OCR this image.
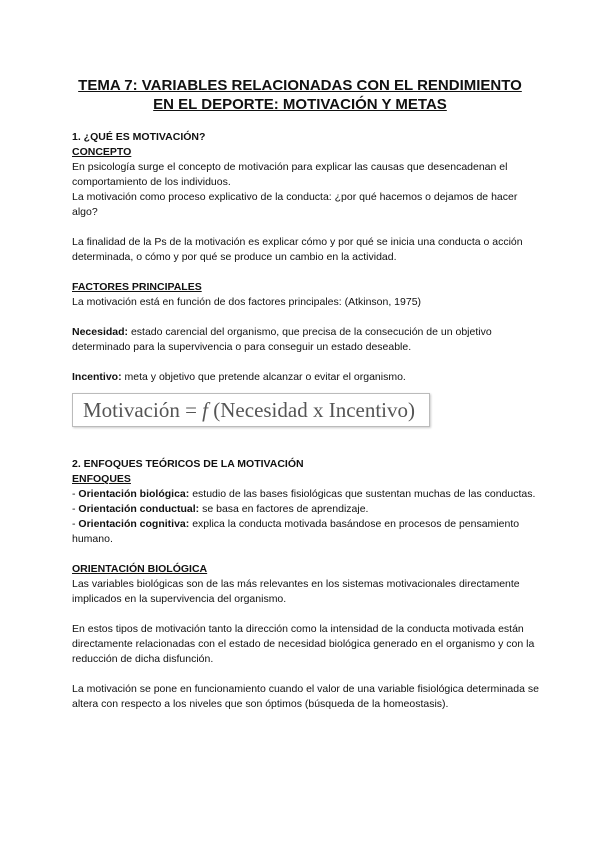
TEMA 7: VARIABLES RELACIONADAS CON EL RENDIMIENTO
EN EL DEPORTE: MOTIVACIÓN Y METAS

1. ¿QUÉ ES MOTIVACIÓN?

CONCEPTO

En psicología surge el concepto de motivación para explicar las causas que desencadenan el comportamiento de los individuos.

La motivación como proceso explicativo de la conducta: ¿por qué hacemos o dejamos de hacer algo?

La finalidad de la Ps de la motivación es explicar cómo y por qué se inicia una conducta o acción determinada, o cómo y por qué se produce un cambio en la actividad.

FACTORES PRINCIPALES

La motivación está en función de dos factores principales: (Atkinson, 1975)

Necesidad: estado carencial del organismo, que precisa de la consecución de un objetivo determinado para la supervivencia o para conseguir un estado deseable.

Incentivo: meta y objetivo que pretende alcanzar o evitar el organismo.

Motivación = f (Necesidad x Incentivo)

2. ENFOQUES TEÓRICOS DE LA MOTIVACIÓN

ENFOQUES

- Orientación biológica: estudio de las bases fisiológicas que sustentan muchas de las conductas.

- Orientación conductual: se basa en factores de aprendizaje.

- Orientación cognitiva: explica la conducta motivada basándose en procesos de pensamiento humano.

ORIENTACIÓN BIOLÓGICA

Las variables biológicas son de las más relevantes en los sistemas motivacionales directamente implicados en la supervivencia del organismo.

En estos tipos de motivación tanto la dirección como la intensidad de la conducta motivada están directamente relacionadas con el estado de necesidad biológica generado en el organismo y con la reducción de dicha disfunción.

La motivación se pone en funcionamiento cuando el valor de una variable fisiológica determinada se altera con respecto a los niveles que son óptimos (búsqueda de la homeostasis).
